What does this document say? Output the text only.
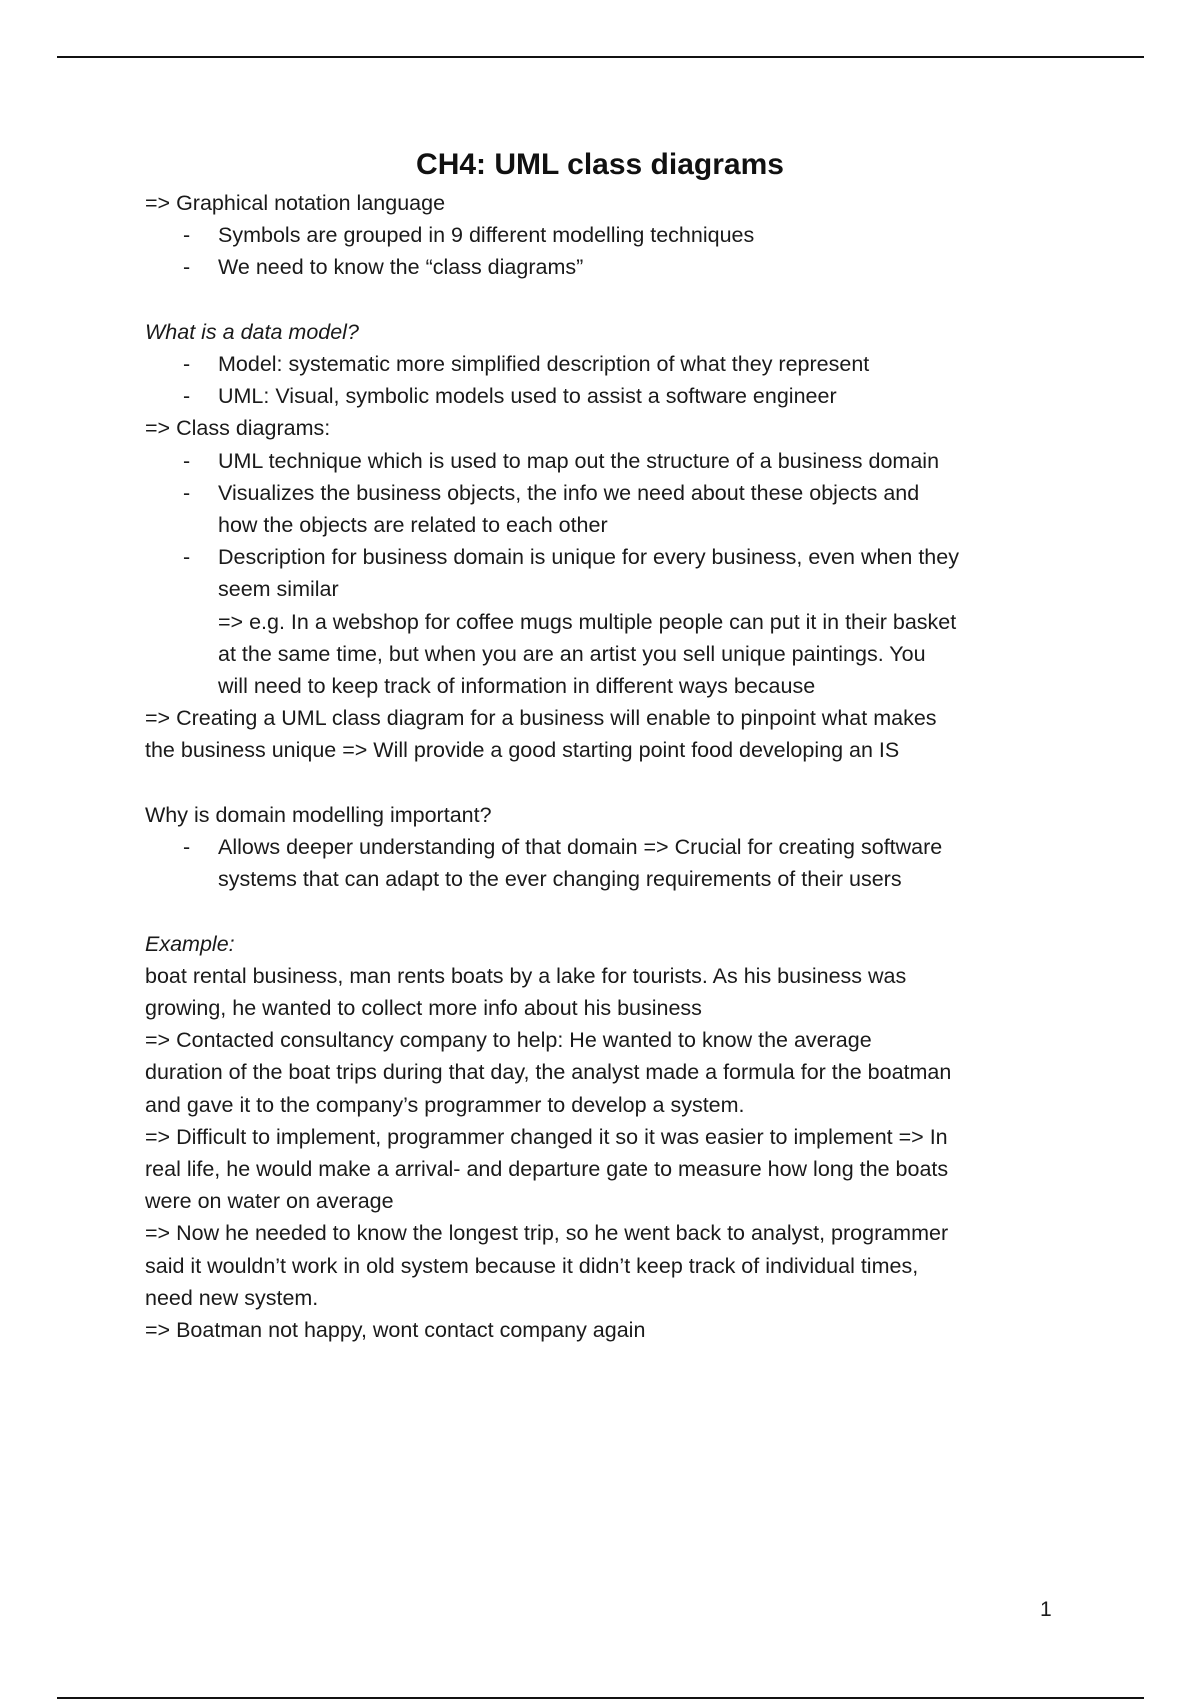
CH4: UML class diagrams
=> Graphical notation language
- Symbols are grouped in 9 different modelling techniques
- We need to know the “class diagrams”
What is a data model?
- Model: systematic more simplified description of what they represent
- UML: Visual, symbolic models used to assist a software engineer
=> Class diagrams:
- UML technique which is used to map out the structure of a business domain
- Visualizes the business objects, the info we need about these objects and
how the objects are related to each other
- Description for business domain is unique for every business, even when they
seem similar
=> e.g. In a webshop for coffee mugs multiple people can put it in their basket
at the same time, but when you are an artist you sell unique paintings. You
will need to keep track of information in different ways because
=> Creating a UML class diagram for a business will enable to pinpoint what makes
the business unique => Will provide a good starting point food developing an IS
Why is domain modelling important?
- Allows deeper understanding of that domain => Crucial for creating software
systems that can adapt to the ever changing requirements of their users
Example:
boat rental business, man rents boats by a lake for tourists. As his business was
growing, he wanted to collect more info about his business
=> Contacted consultancy company to help: He wanted to know the average
duration of the boat trips during that day, the analyst made a formula for the boatman
and gave it to the company’s programmer to develop a system.
=> Difficult to implement, programmer changed it so it was easier to implement => In
real life, he would make a arrival- and departure gate to measure how long the boats
were on water on average
=> Now he needed to know the longest trip, so he went back to analyst, programmer
said it wouldn’t work in old system because it didn’t keep track of individual times,
need new system.
=> Boatman not happy, wont contact company again
1
